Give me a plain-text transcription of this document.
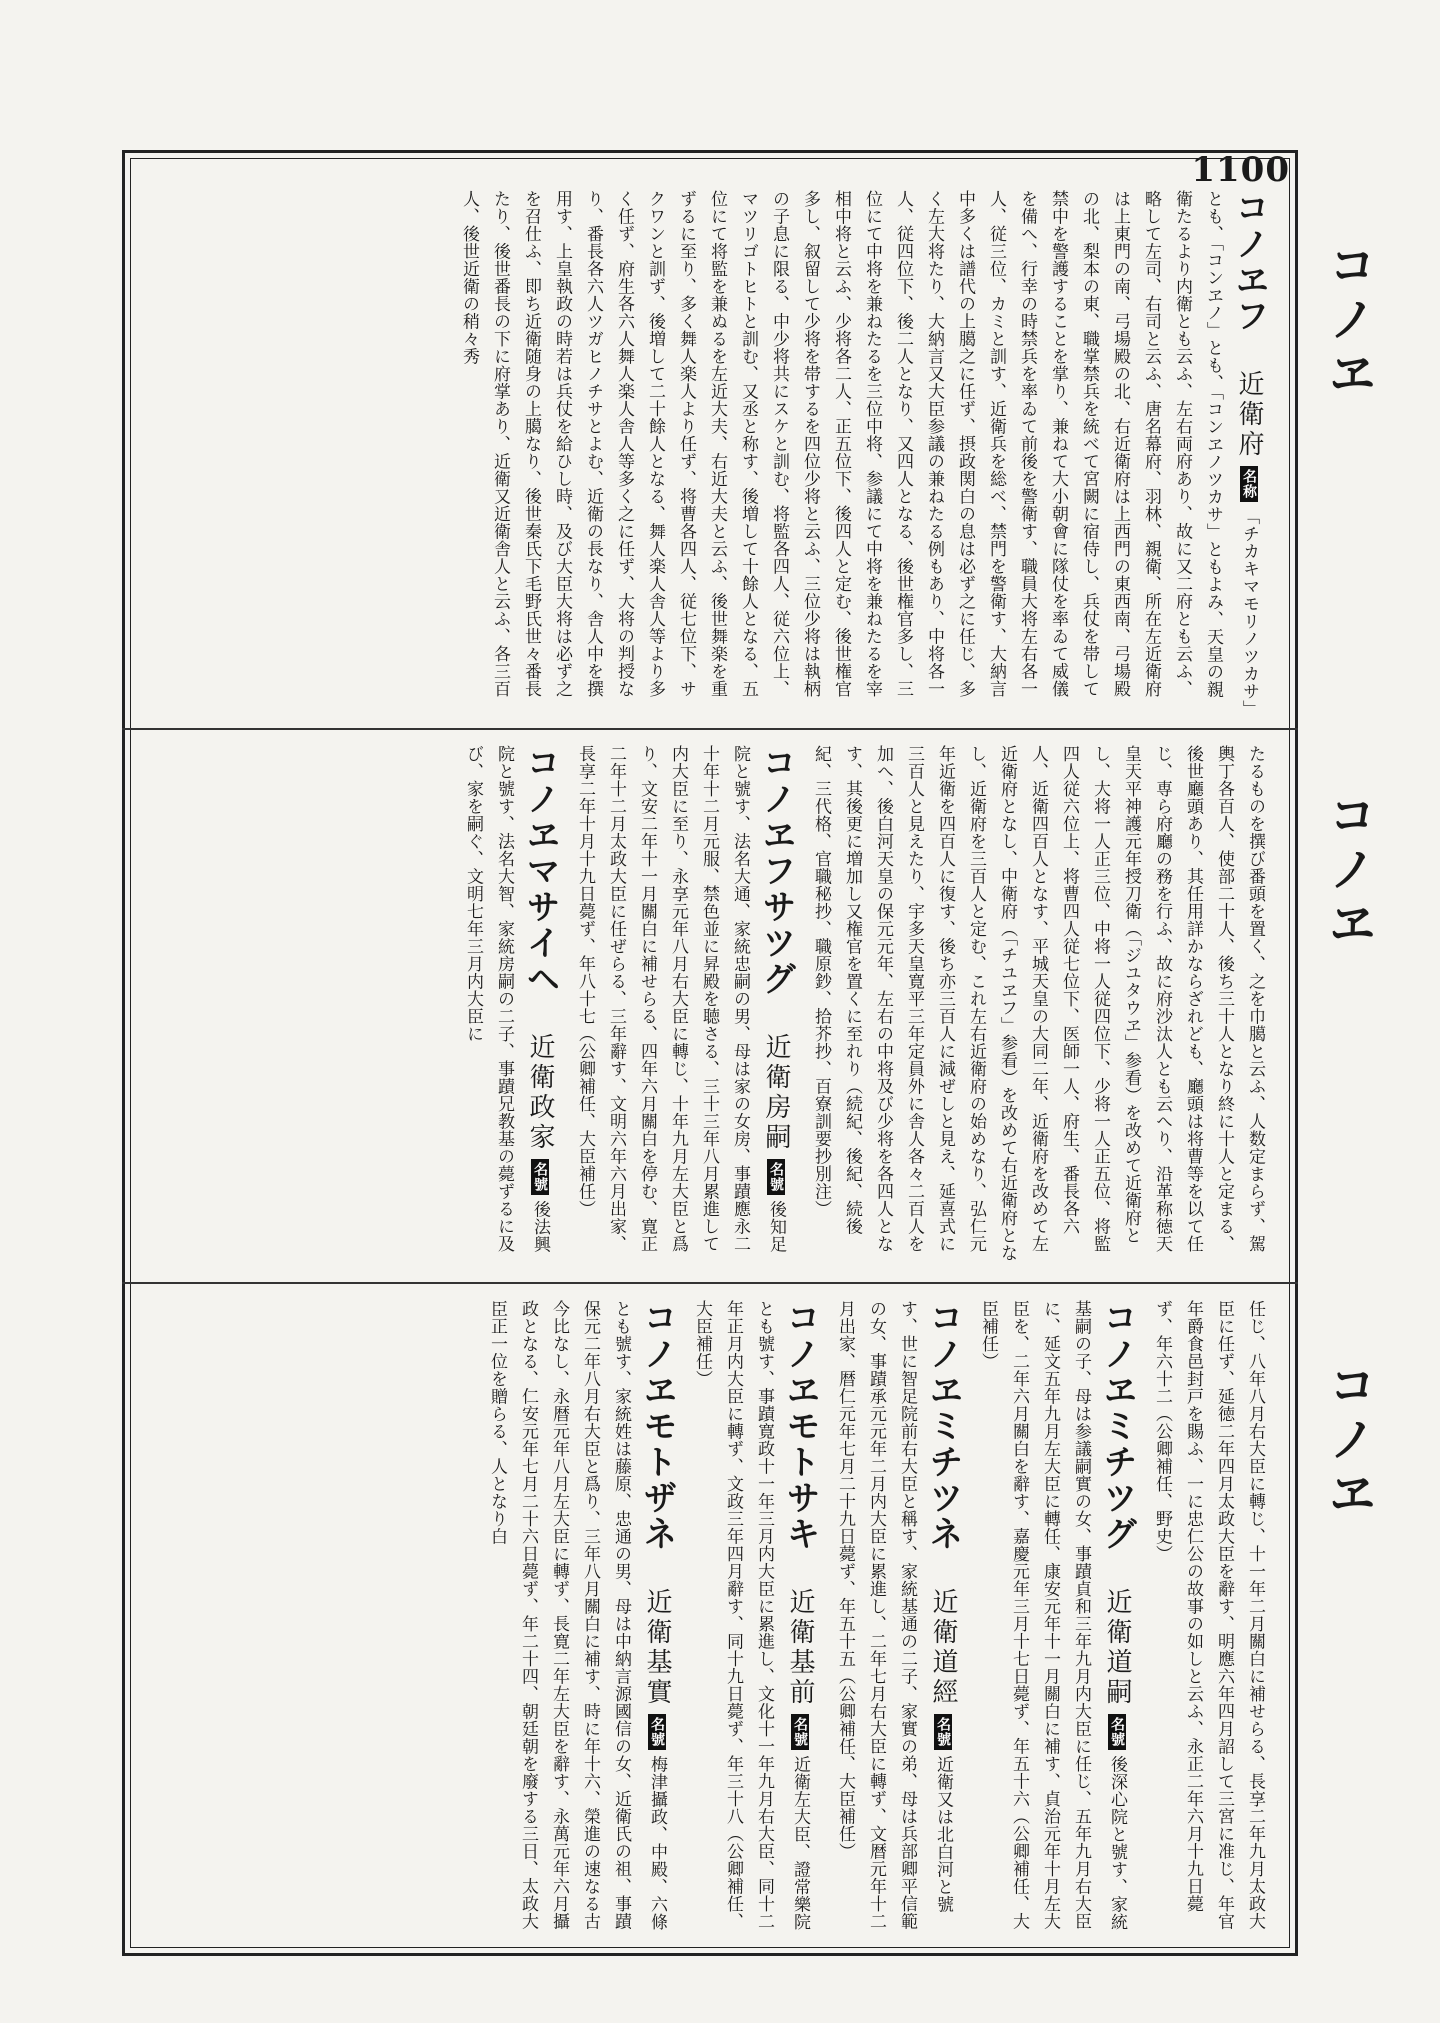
1100
コノヱ
コノヱ
コノヱ
コノヱフ 近衛府 名称 「チカキマモリノツカサ」とも、「コンヱノ」とも、「コンヱノツカサ」ともよみ、天皇の親衛たるより内衛とも云ふ、左右両府あり、故に又二府とも云ふ、略して左司、右司と云ふ、唐名幕府、羽林、親衛、所在左近衛府は上東門の南、弓場殿の北、右近衛府は上西門の東西南、弓場殿の北、梨本の東、職掌禁兵を統べて宮闕に宿侍し、兵仗を帯して禁中を警護することを掌り、兼ねて大小朝會に隊仗を率ゐて威儀を備へ、行幸の時禁兵を率ゐて前後を警衛す、職員大将左右各一人、従三位、カミと訓す、近衛兵を総べ、禁門を警衛す、大納言中多くは譜代の上臈之に任ず、摂政関白の息は必ず之に任じ、多く左大将たり、大納言又大臣参議の兼ねたる例もあり、中将各一人、従四位下、後二人となり、又四人となる、後世権官多し、三位にて中将を兼ねたるを三位中将、参議にて中将を兼ねたるを宰相中将と云ふ、少将各二人、正五位下、後四人と定む、後世権官多し、叙留して少将を帯するを四位少将と云ふ、三位少将は執柄の子息に限る、中少将共にスケと訓む、将監各四人、従六位上、マツリゴトヒトと訓む、又丞と称す、後増して十餘人となる、五位にて将監を兼ぬるを左近大夫、右近大夫と云ふ、後世舞楽を重ずるに至り、多く舞人楽人より任ず、将曹各四人、従七位下、サクワンと訓ず、後増して二十餘人となる、舞人楽人舎人等より多く任ず、府生各六人舞人楽人舎人等多く之に任ず、大将の判授なり、番長各六人ツガヒノチサとよむ、近衛の長なり、舎人中を撰用す、上皇執政の時若は兵仗を給ひし時、及び大臣大将は必ず之を召仕ふ、即ち近衛随身の上臈なり、後世秦氏下毛野氏世々番長たり、後世番長の下に府掌あり、近衛又近衛舎人と云ふ、各三百人、後世近衛の稍々秀
たるものを撰び番頭を置く、之を巾臈と云ふ、人数定まらず、駕輿丁各百人、使部二十人、後ち三十人となり終に十人と定まる、後世廳頭あり、其任用詳かならざれども、廳頭は将曹等を以て任じ、専ら府廳の務を行ふ、故に府沙汰人とも云へり、沿革称徳天皇天平神護元年授刀衛（「ジユタウヱ」参看）を改めて近衛府とし、大将一人正三位、中将一人従四位下、少将一人正五位、将監四人従六位上、将曹四人従七位下、医師一人、府生、番長各六人、近衛四百人となす、平城天皇の大同二年、近衛府を改めて左近衛府となし、中衛府（「チユヱフ」参看）を改めて右近衛府となし、近衛府を三百人と定む、これ左右近衛府の始めなり、弘仁元年近衛を四百人に復す、後ち亦三百人に減ぜしと見え、延喜式に三百人と見えたり、宇多天皇寛平三年定員外に舎人各々二百人を加へ、後白河天皇の保元元年、左右の中将及び少将を各四人となす、其後更に増加し又権官を置くに至れり（続紀、後紀、続後紀、三代格、官職秘抄、職原鈔、拾芥抄、百寮訓要抄別注）
コノヱフサツグ 近衛房嗣 名號 後知足院と號す、法名大通、家統忠嗣の男、母は家の女房、事蹟應永二十年十二月元服、禁色並に昇殿を聴さる、三十三年八月累進して内大臣に至り、永享元年八月右大臣に轉じ、十年九月左大臣と爲り、文安二年十一月關白に補せらる、四年六月關白を停む、寛正二年十二月太政大臣に任ぜらる、三年辭す、文明六年六月出家、長享二年十月十九日薨ず、年八十七（公卿補任、大臣補任）
コノヱマサイヘ 近衛政家 名號 後法興院と號す、法名大智、家統房嗣の二子、事蹟兄教基の薨ずるに及び、家を嗣ぐ、文明七年三月内大臣に
任じ、八年八月右大臣に轉じ、十一年二月關白に補せらる、長享二年九月太政大臣に任ず、延徳二年四月太政大臣を辭す、明應六年四月詔して三宮に准じ、年官年爵食邑封戸を賜ふ、一に忠仁公の故事の如しと云ふ、永正二年六月十九日薨ず、年六十二（公卿補任、野史）
コノヱミチツグ 近衛道嗣 名號 後深心院と號す、家統基嗣の子、母は参議嗣實の女、事蹟貞和三年九月内大臣に任じ、五年九月右大臣に、延文五年九月左大臣に轉任、康安元年十一月關白に補す、貞治元年十月左大臣を、二年六月關白を辭す、嘉慶元年三月十七日薨ず、年五十六（公卿補任、大臣補任）
コノヱミチツネ 近衛道經 名號 近衛又は北白河と號す、世に智足院前右大臣と稱す、家統基通の二子、家實の弟、母は兵部卿平信範の女、事蹟承元元年二月内大臣に累進し、二年七月右大臣に轉ず、文暦元年十二月出家、暦仁元年七月二十九日薨ず、年五十五（公卿補任、大臣補任）
コノヱモトサキ 近衛基前 名號 近衛左大臣、證常樂院とも號す、事蹟寛政十一年三月内大臣に累進し、文化十一年九月右大臣、同十二年正月内大臣に轉ず、文政三年四月辭す、同十九日薨ず、年三十八（公卿補任、大臣補任）
コノヱモトザネ 近衛基實 名號 梅津攝政、中殿、六條とも號す、家統姓は藤原、忠通の男、母は中納言源國信の女、近衛氏の祖、事蹟保元二年八月右大臣と爲り、三年八月關白に補す、時に年十六、榮進の速なる古今比なし、永暦元年八月左大臣に轉ず、長寛二年左大臣を辭す、永萬元年六月攝政となる、仁安元年七月二十六日薨ず、年二十四、朝廷朝を廢する三日、太政大臣正一位を贈らる、人となり白
